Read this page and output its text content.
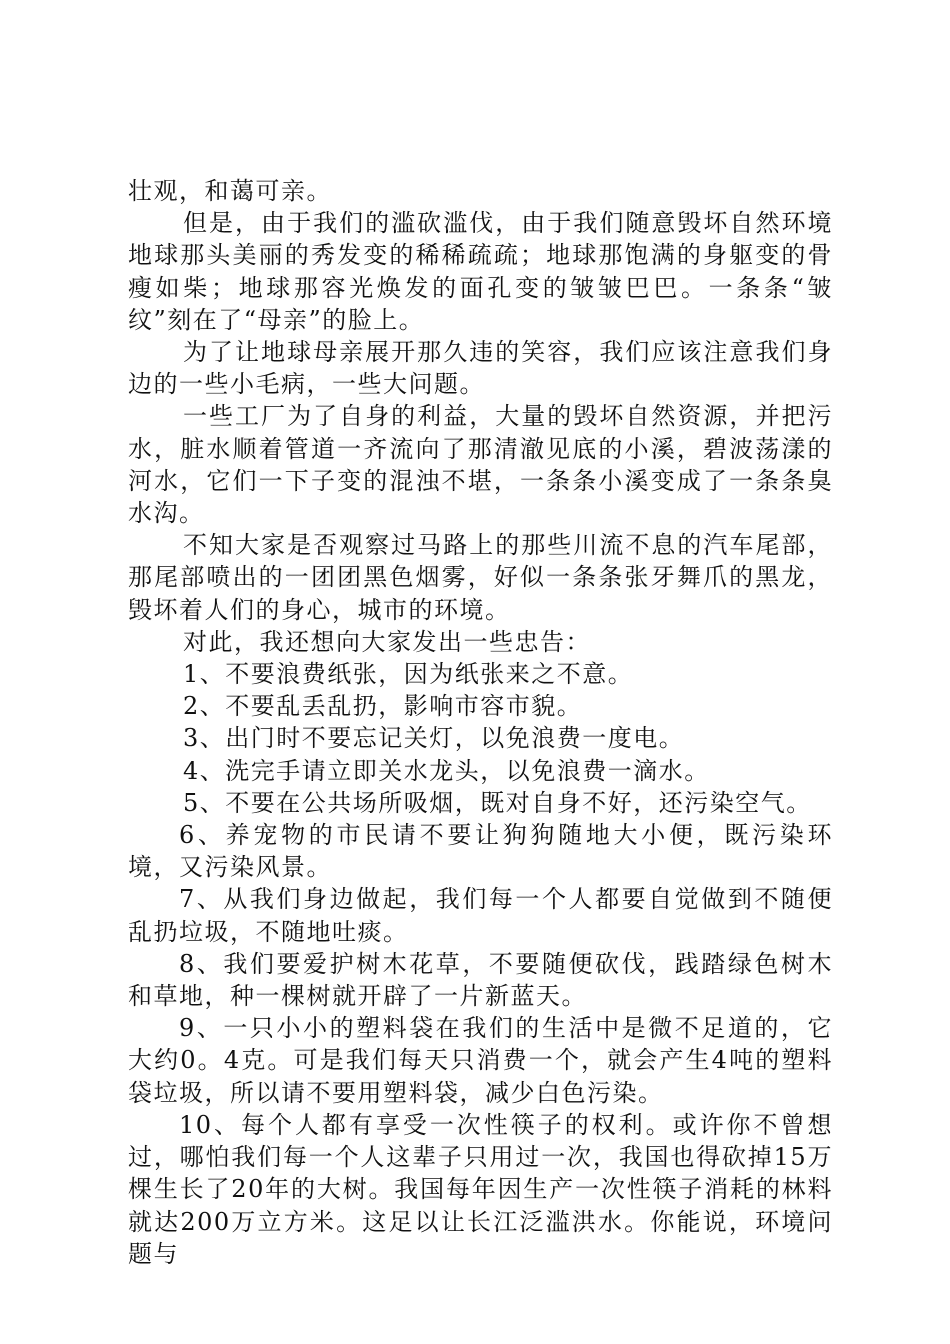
壮观，和蔼可亲。

但是，由于我们的滥砍滥伐，由于我们随意毁坏自然环境地球那头美丽的秀发变的稀稀疏疏；地球那饱满的身躯变的骨瘦如柴；地球那容光焕发的面孔变的皱皱巴巴。一条条“皱纹”刻在了“母亲”的脸上。

为了让地球母亲展开那久违的笑容，我们应该注意我们身边的一些小毛病，一些大问题。

一些工厂为了自身的利益，大量的毁坏自然资源，并把污水，脏水顺着管道一齐流向了那清澈见底的小溪，碧波荡漾的河水，它们一下子变的混浊不堪，一条条小溪变成了一条条臭水沟。

不知大家是否观察过马路上的那些川流不息的汽车尾部，那尾部喷出的一团团黑色烟雾，好似一条条张牙舞爪的黑龙，毁坏着人们的身心，城市的环境。

对此，我还想向大家发出一些忠告：

1、不要浪费纸张，因为纸张来之不意。

2、不要乱丢乱扔，影响市容市貌。

3、出门时不要忘记关灯，以免浪费一度电。

4、洗完手请立即关水龙头，以免浪费一滴水。

5、不要在公共场所吸烟，既对自身不好，还污染空气。

6、养宠物的市民请不要让狗狗随地大小便，既污染环境，又污染风景。

7、从我们身边做起，我们每一个人都要自觉做到不随便乱扔垃圾，不随地吐痰。

8、我们要爱护树木花草，不要随便砍伐，践踏绿色树木和草地，种一棵树就开辟了一片新蓝天。

9、一只小小的塑料袋在我们的生活中是微不足道的，它大约0。4克。可是我们每天只消费一个，就会产生4吨的塑料袋垃圾，所以请不要用塑料袋，减少白色污染。

10、每个人都有享受一次性筷子的权利。或许你不曾想过，哪怕我们每一个人这辈子只用过一次，我国也得砍掉15万棵生长了20年的大树。我国每年因生产一次性筷子消耗的林料就达200万立方米。这足以让长江泛滥洪水。你能说，环境问题与
